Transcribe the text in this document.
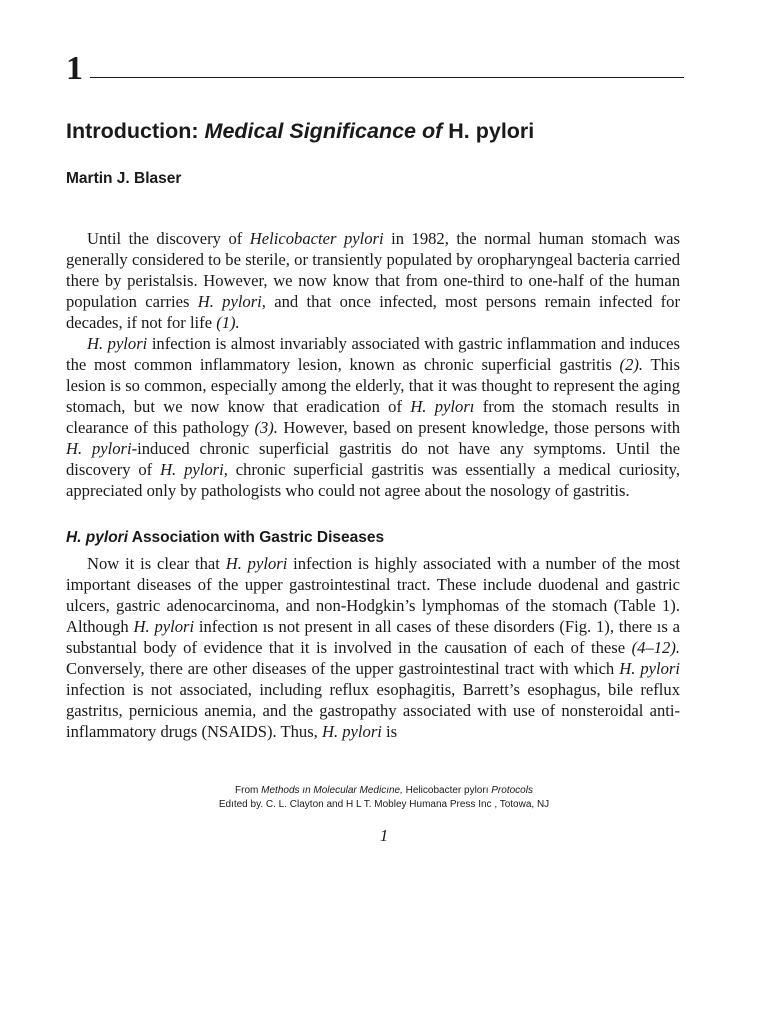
1
Introduction: Medical Significance of H. pylori
Martin J. Blaser

Until the discovery of Helicobacter pylori in 1982, the normal human stomach was generally considered to be sterile, or transiently populated by oropharyngeal bacteria carried there by peristalsis. However, we now know that from one-third to one-half of the human population carries H. pylori, and that once infected, most persons remain infected for decades, if not for life (1).

H. pylori infection is almost invariably associated with gastric inflammation and induces the most common inflammatory lesion, known as chronic superficial gastritis (2). This lesion is so common, especially among the elderly, that it was thought to represent the aging stomach, but we now know that eradication of H. pylorı from the stomach results in clearance of this pathology (3). However, based on present knowledge, those persons with H. pylori-induced chronic superficial gastritis do not have any symptoms. Until the discovery of H. pylori, chronic superficial gastritis was essentially a medical curiosity, appreciated only by pathologists who could not agree about the nosology of gastritis.

H. pylori Association with Gastric Diseases

Now it is clear that H. pylori infection is highly associated with a number of the most important diseases of the upper gastrointestinal tract. These include duodenal and gastric ulcers, gastric adenocarcinoma, and non-Hodgkin’s lymphomas of the stomach (Table 1). Although H. pylori infection ıs not present in all cases of these disorders (Fig. 1), there ıs a substantıal body of evidence that it is involved in the causation of each of these (4–12). Conversely, there are other diseases of the upper gastrointestinal tract with which H. pylori infection is not associated, including reflux esophagitis, Barrett’s esophagus, bile reflux gastritıs, pernicious anemia, and the gastropathy associated with use of nonsteroidal anti-inflammatory drugs (NSAIDS). Thus, H. pylori is

From Methods ın Molecular Medicıne, Helicobacter pylorı Protocols
Edıted by. C. L. Clayton and H L T. Mobley Humana Press Inc , Totowa, NJ
1
